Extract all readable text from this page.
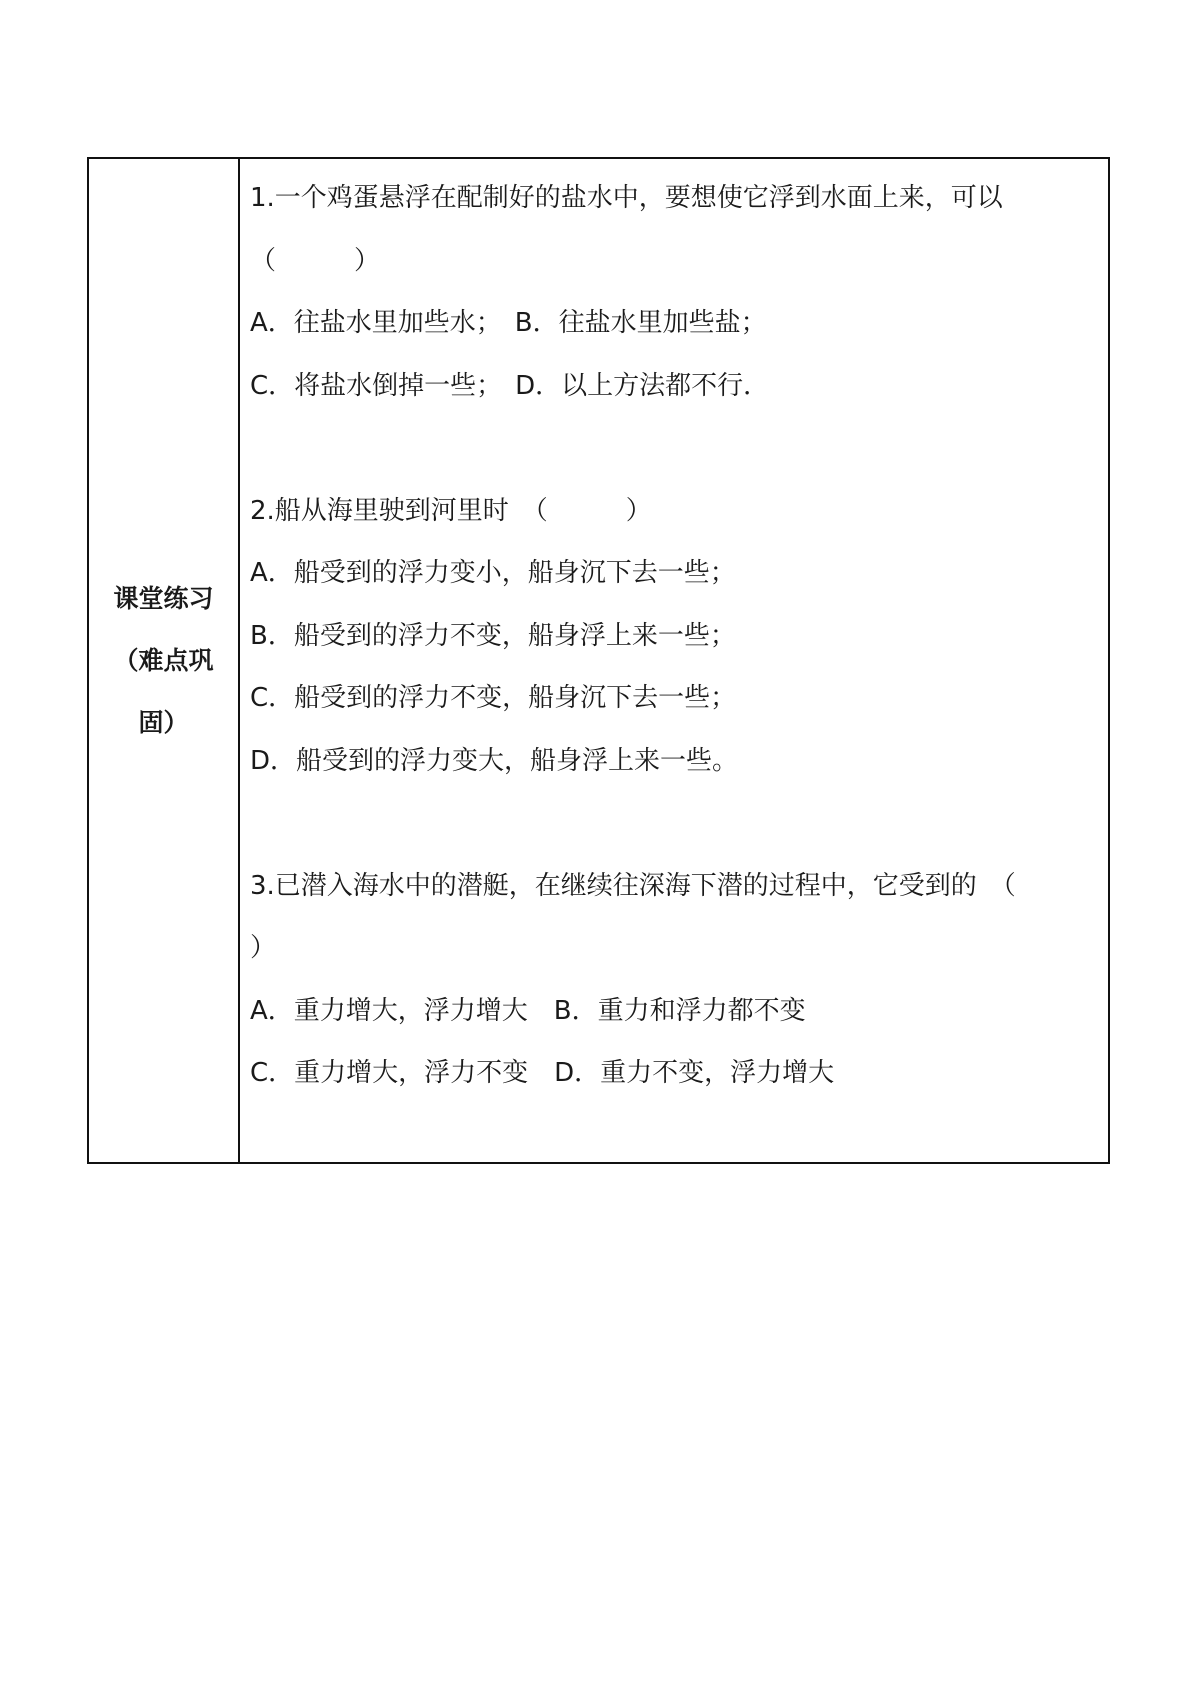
课堂练习
（难点巩
固）

1.一个鸡蛋悬浮在配制好的盐水中，要想使它浮到水面上来，可以
（　　　）
A．往盐水里加些水；　B．往盐水里加些盐；
C．将盐水倒掉一些；　D．以上方法都不行．
2.船从海里驶到河里时　（　　　）
A．船受到的浮力变小，船身沉下去一些；
B．船受到的浮力不变，船身浮上来一些；
C．船受到的浮力不变，船身沉下去一些；
D．船受到的浮力变大，船身浮上来一些。
3.已潜入海水中的潜艇，在继续往深海下潜的过程中，它受到的　（
）
A．重力增大，浮力增大　B．重力和浮力都不变
C．重力增大，浮力不变　D．重力不变，浮力增大
